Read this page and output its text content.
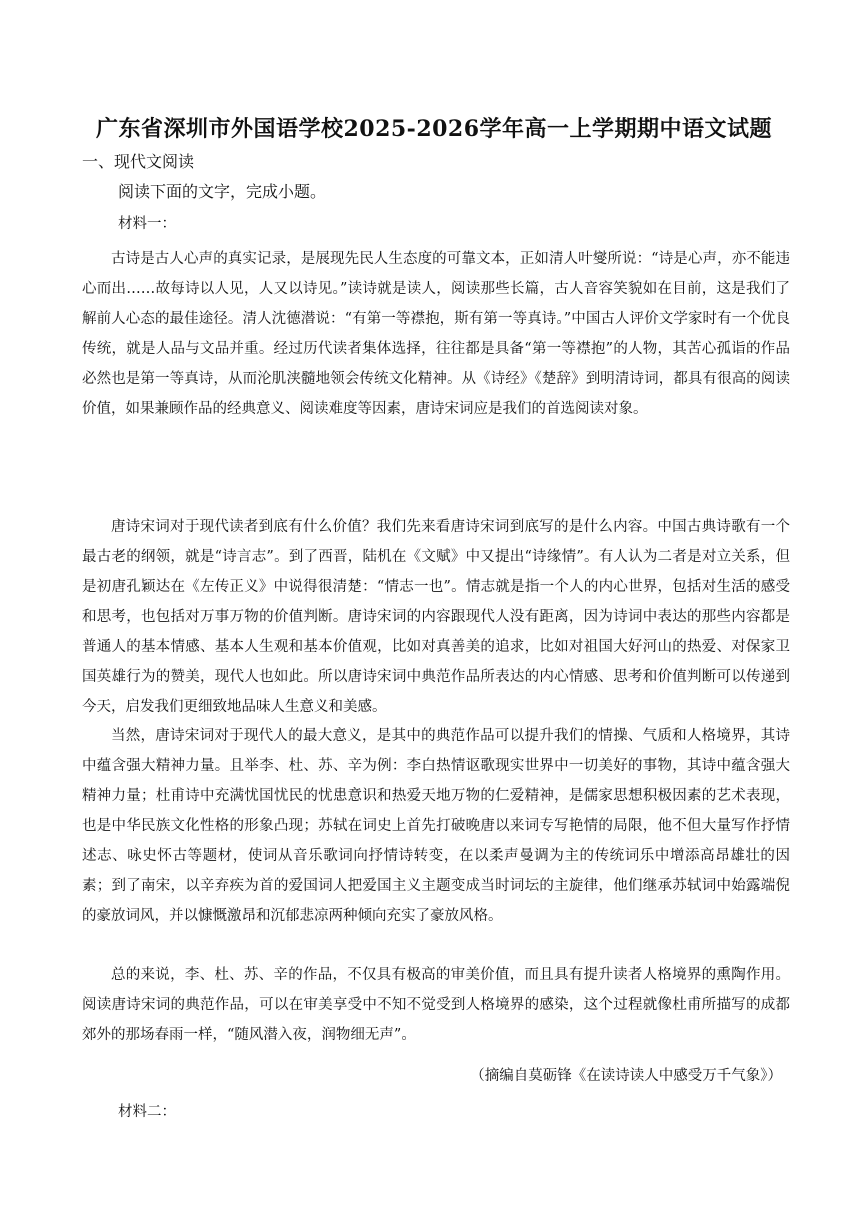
广东省深圳市外国语学校2025-2026学年高一上学期期中语文试题
一、现代文阅读
阅读下面的文字，完成小题。
材料一：

古诗是古人心声的真实记录，是展现先民人生态度的可靠文本，正如清人叶燮所说：“诗是心声，亦不能违心而出……故每诗以人见，人又以诗见。”读诗就是读人，阅读那些长篇，古人音容笑貌如在目前，这是我们了解前人心态的最佳途径。清人沈德潜说：“有第一等襟抱，斯有第一等真诗。”中国古人评价文学家时有一个优良传统，就是人品与文品并重。经过历代读者集体选择，往往都是具备“第一等襟抱”的人物，其苦心孤诣的作品必然也是第一等真诗，从而沦肌浃髓地领会传统文化精神。从《诗经》《楚辞》到明清诗词，都具有很高的阅读价值，如果兼顾作品的经典意义、阅读难度等因素，唐诗宋词应是我们的首选阅读对象。

唐诗宋词对于现代读者到底有什么价值？我们先来看唐诗宋词到底写的是什么内容。中国古典诗歌有一个最古老的纲领，就是“诗言志”。到了西晋，陆机在《文赋》中又提出“诗缘情”。有人认为二者是对立关系，但是初唐孔颖达在《左传正义》中说得很清楚：“情志一也”。情志就是指一个人的内心世界，包括对生活的感受和思考，也包括对万事万物的价值判断。唐诗宋词的内容跟现代人没有距离，因为诗词中表达的那些内容都是普通人的基本情感、基本人生观和基本价值观，比如对真善美的追求，比如对祖国大好河山的热爱、对保家卫国英雄行为的赞美，现代人也如此。所以唐诗宋词中典范作品所表达的内心情感、思考和价值判断可以传递到今天，启发我们更细致地品味人生意义和美感。

当然，唐诗宋词对于现代人的最大意义，是其中的典范作品可以提升我们的情操、气质和人格境界，其诗中蕴含强大精神力量。且举李、杜、苏、辛为例：李白热情讴歌现实世界中一切美好的事物，其诗中蕴含强大精神力量；杜甫诗中充满忧国忧民的忧患意识和热爱天地万物的仁爱精神，是儒家思想积极因素的艺术表现，也是中华民族文化性格的形象凸现；苏轼在词史上首先打破晚唐以来词专写艳情的局限，他不但大量写作抒情述志、咏史怀古等题材，使词从音乐歌词向抒情诗转变，在以柔声曼调为主的传统词乐中增添高昂雄壮的因素；到了南宋，以辛弃疾为首的爱国词人把爱国主义主题变成当时词坛的主旋律，他们继承苏轼词中始露端倪的豪放词风，并以慷慨激昂和沉郁悲凉两种倾向充实了豪放风格。

总的来说，李、杜、苏、辛的作品，不仅具有极高的审美价值，而且具有提升读者人格境界的熏陶作用。阅读唐诗宋词的典范作品，可以在审美享受中不知不觉受到人格境界的感染，这个过程就像杜甫所描写的成都郊外的那场春雨一样，“随风潜入夜，润物细无声”。

（摘编自莫砺锋《在读诗读人中感受万千气象》）
材料二：
